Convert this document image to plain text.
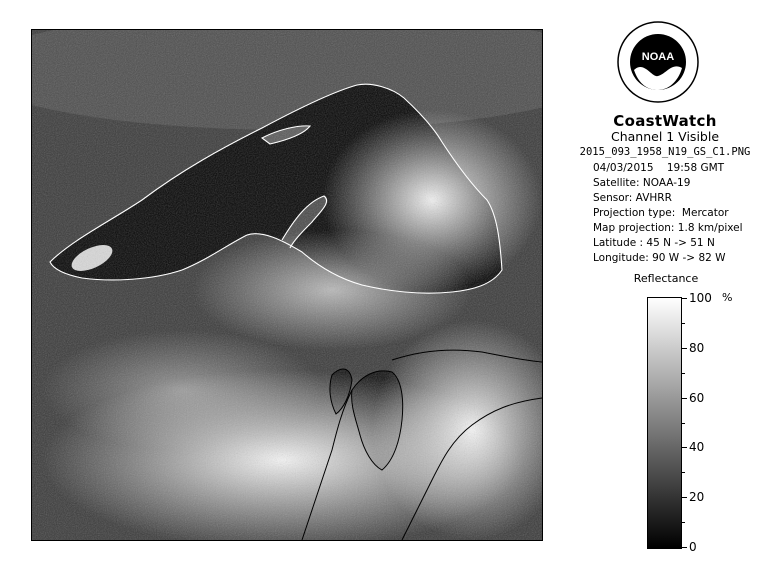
NOAA
CoastWatch
Channel 1 Visible
2015_093_1958_N19_GS_C1.PNG
04/03/2015    19:58 GMT
Satellite: NOAA-19
Sensor: AVHRR
Projection type:  Mercator
Map projection: 1.8 km/pixel
Latitude : 45 N -> 51 N
Longitude: 90 W -> 82 W
Reflectance
%
100
80
60
40
20
0
